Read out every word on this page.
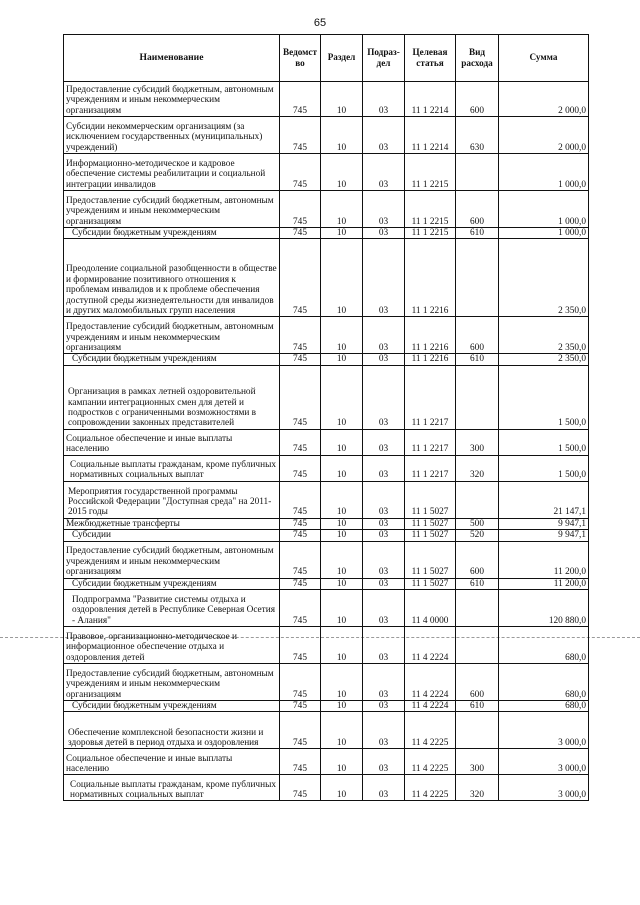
65
Наименование	Ведомст во	Раздел	Подраз- дел	Целевая статья	Вид расхода	Сумма
Предоставление субсидий бюджетным, автономным учреждениям и иным некоммерческим организациям	745	10	03	11 1 2214	600	2 000,0
Субсидии некоммерческим организациям (за исключением государственных (муниципальных) учреждений)	745	10	03	11 1 2214	630	2 000,0
Информационно-методическое и кадровое обеспечение системы реабилитации и социальной интеграции инвалидов	745	10	03	11 1 2215		1 000,0
Предоставление субсидий бюджетным, автономным учреждениям и иным некоммерческим организациям	745	10	03	11 1 2215	600	1 000,0
Субсидии бюджетным учреждениям	745	10	03	11 1 2215	610	1 000,0
Преодоление социальной разобщенности в обществе и формирование позитивного отношения к проблемам инвалидов и к проблеме обеспечения доступной среды жизнедеятельности для инвалидов и других маломобильных групп населения	745	10	03	11 1 2216		2 350,0
Предоставление субсидий бюджетным, автономным учреждениям и иным некоммерческим организациям	745	10	03	11 1 2216	600	2 350,0
Субсидии бюджетным учреждениям	745	10	03	11 1 2216	610	2 350,0
Организация в рамках летней оздоровительной кампании интеграционных смен для детей и подростков с ограниченными возможностями в сопровождении законных представителей	745	10	03	11 1 2217		1 500,0
Социальное обеспечение и иные выплаты населению	745	10	03	11 1 2217	300	1 500,0
Социальные выплаты гражданам, кроме публичных нормативных социальных выплат	745	10	03	11 1 2217	320	1 500,0
Мероприятия государственной программы Российской Федерации "Доступная среда" на 2011-2015 годы	745	10	03	11 1 5027		21 147,1
Межбюджетные трансферты	745	10	03	11 1 5027	500	9 947,1
Субсидии	745	10	03	11 1 5027	520	9 947,1
Предоставление субсидий бюджетным, автономным учреждениям и иным некоммерческим организациям	745	10	03	11 1 5027	600	11 200,0
Субсидии бюджетным учреждениям	745	10	03	11 1 5027	610	11 200,0
Подпрограмма "Развитие системы отдыха и оздоровления детей в Республике Северная Осетия - Алания"	745	10	03	11 4 0000		120 880,0
Правовое, организационно-методическое и информационное обеспечение отдыха и оздоровления детей	745	10	03	11 4 2224		680,0
Предоставление субсидий бюджетным, автономным учреждениям и иным некоммерческим организациям	745	10	03	11 4 2224	600	680,0
Субсидии бюджетным учреждениям	745	10	03	11 4 2224	610	680,0
Обеспечение комплексной безопасности жизни и здоровья детей в период отдыха и оздоровления	745	10	03	11 4 2225		3 000,0
Социальное обеспечение и иные выплаты населению	745	10	03	11 4 2225	300	3 000,0
Социальные выплаты гражданам, кроме публичных нормативных социальных выплат	745	10	03	11 4 2225	320	3 000,0
